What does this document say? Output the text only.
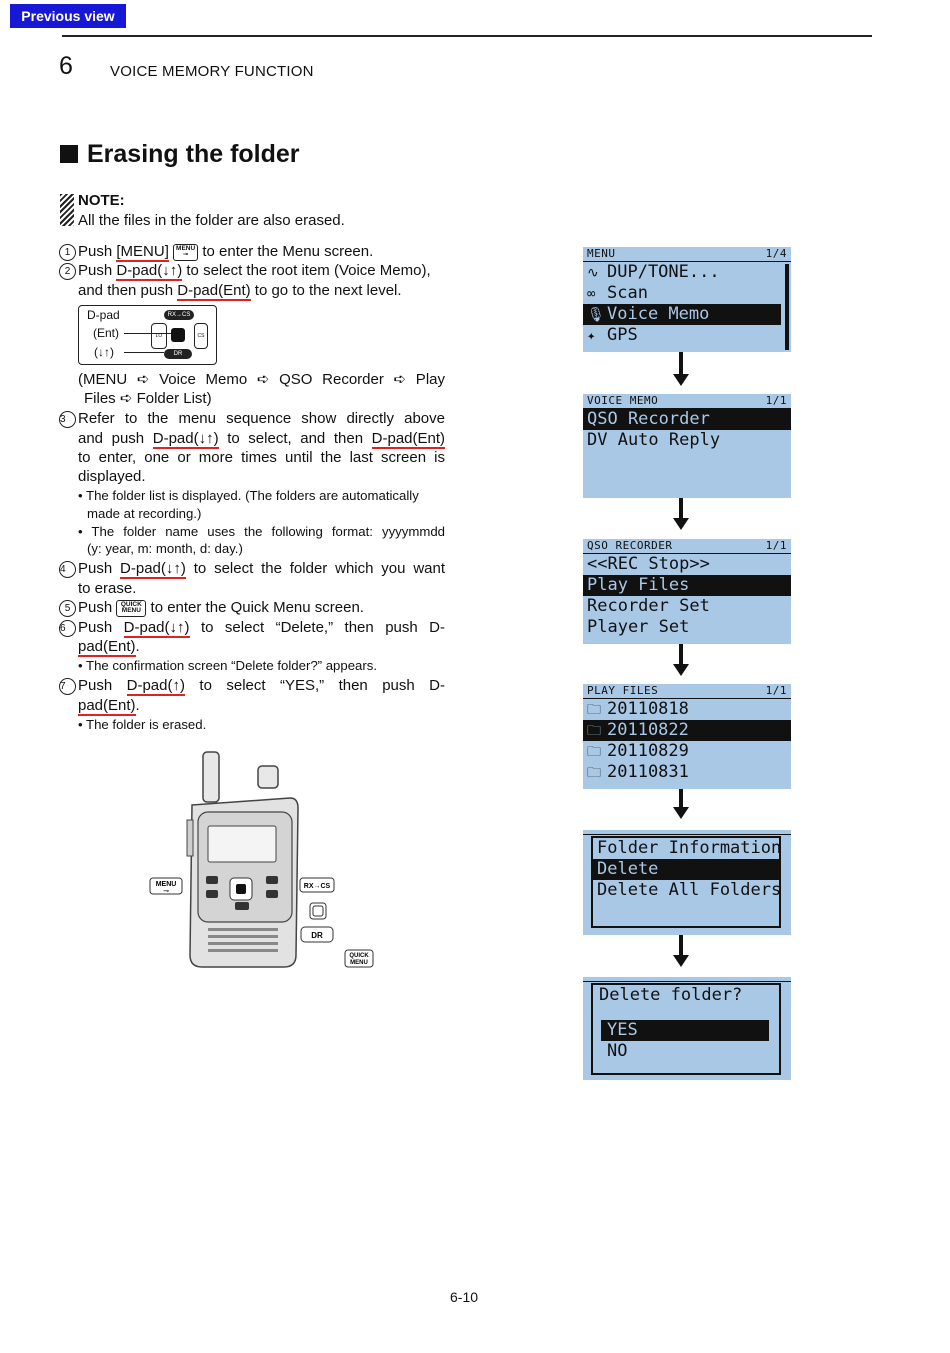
Previous view
6 VOICE MEMORY FUNCTION
Erasing the folder
NOTE:
All the files in the folder are also erased.
1 Push [MENU] MENU
⊸ to enter the Menu screen.
2 Push D-pad(↓↑) to select the root item (Voice Memo),
and then push D-pad(Ent) to go to the next level.
D-pad
(Ent)
(↓↑)
RX→CS
LO	CS
DR
(MENU ➪ Voice Memo ➪ QSO Recorder ➪ Play
Files ➪ Folder List)
3 Refer to the menu sequence show directly above
and push D-pad(↓↑) to select, and then D-pad(Ent)
to enter, one or more times until the last screen is
displayed.
• The folder list is displayed. (The folders are automatically
made at recording.)
• The folder name uses the following format: yyyymmdd
(y: year, m: month, d: day.)
4 Push D-pad(↓↑) to select the folder which you want
to erase.
5 Push QUICK MENU to enter the Quick Menu screen.
6 Push D-pad(↓↑) to select “Delete,” then push D-
pad(Ent).
• The confirmation screen “Delete folder?” appears.
7 Push D-pad(↑) to select “YES,” then push D-
pad(Ent).
• The folder is erased.
MENU
⊸
RX→CS
DR
QUICK
MENU
MENU	1/4
∿ DUP/TONE...
∞ Scan
🎙 Voice Memo
✦ GPS
VOICE MEMO	1/1
QSO Recorder
DV Auto Reply
QSO RECORDER	1/1
<<REC Stop>>
Play Files
Recorder Set
Player Set
PLAY FILES	1/1
🗀 20110818
🗀 20110822
🗀 20110829
🗀 20110831
Folder Information
Delete
Delete All Folders
Delete folder?
YES
NO
6-10
